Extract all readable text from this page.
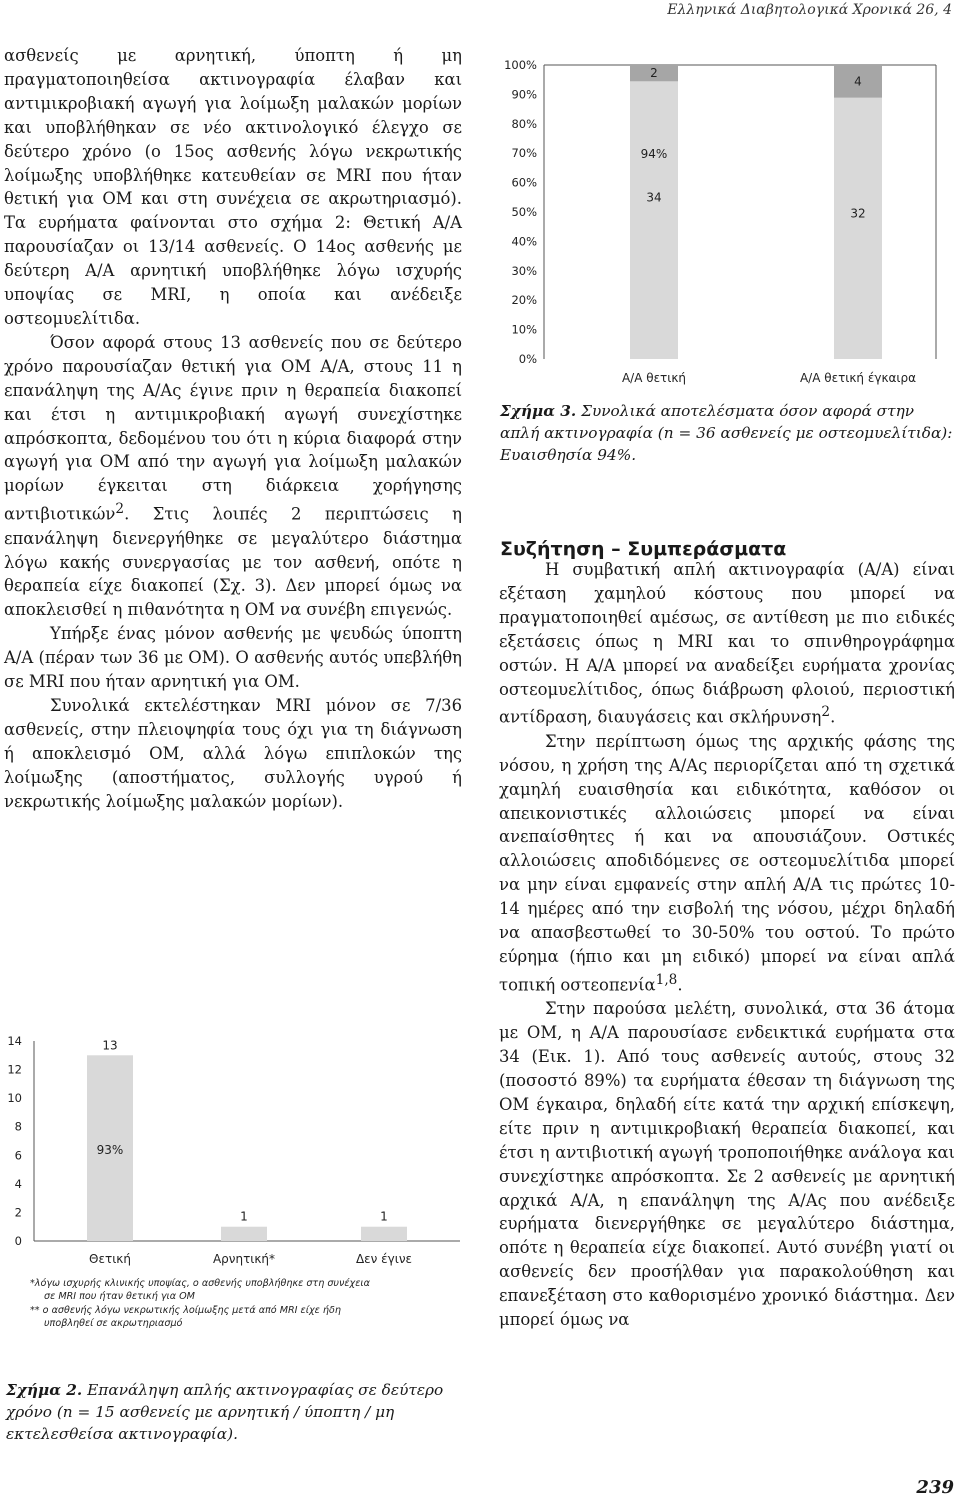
Ελληνικά Διαβητολογικά Χρονικά 26, 4

ασθενείς με αρνητική, ύποπτη ή μη πραγματοποιηθείσα ακτινογραφία έλαβαν και αντιμικροβιακή αγωγή για λοίμωξη μαλακών μορίων και υποβλήθηκαν σε νέο ακτινολογικό έλεγχο σε δεύτερο χρόνο (ο 15ος ασθενής λόγω νεκρωτικής λοίμωξης υποβλήθηκε κατευθείαν σε MRI που ήταν θετική για ΟΜ και στη συνέχεια σε ακρωτηριασμό). Τα ευρήματα φαίνονται στο σχήμα 2: Θετική Α/Α παρουσίαζαν οι 13/14 ασθενείς. Ο 14ος ασθενής με δεύτερη Α/Α αρνητική υποβλήθηκε λόγω ισχυρής υποψίας σε MRI, η οποία και ανέδειξε οστεομυελίτιδα.

Όσον αφορά στους 13 ασθενείς που σε δεύτερο χρόνο παρουσίαζαν θετική για ΟΜ Α/Α, στους 11 η επανάληψη της Α/Ας έγινε πριν η θεραπεία διακοπεί και έτσι η αντιμικροβιακή αγωγή συνεχίστηκε απρόσκοπτα, δεδομένου του ότι η κύρια διαφορά στην αγωγή για ΟΜ από την αγωγή για λοίμωξη μαλακών μορίων έγκειται στη διάρκεια χορήγησης αντιβιοτικών$^2$. Στις λοιπές 2 περιπτώσεις η επανάληψη διενεργήθηκε σε μεγαλύτερο διάστημα λόγω κακής συνεργασίας με τον ασθενή, οπότε η θεραπεία είχε διακοπεί (Σχ. 3). Δεν μπορεί όμως να αποκλεισθεί η πιθανότητα η ΟΜ να συνέβη επιγενώς.

Υπήρξε ένας μόνον ασθενής με ψευδώς ύποπτη Α/Α (πέραν των 36 με ΟΜ). Ο ασθενής αυτός υπεβλήθη σε MRI που ήταν αρνητική για ΟΜ.

Συνολικά εκτελέστηκαν MRI μόνον σε 7/36 ασθενείς, στην πλειοψηφία τους όχι για τη διάγνωση ή αποκλεισμό ΟΜ, αλλά λόγω επιπλοκών της λοίμωξης (αποστήματος, συλλογής υγρού ή νεκρωτικής λοίμωξης μαλακών μορίων).

0%
10%
20%
30%
40%
50%
60%
70%
80%
90%
100%
34
2
Α/Α θετική
32
4
Α/Α θετική έγκαιρα
94%
Σχήμα 3. Συνολικά αποτελέσματα όσον αφορά στην απλή ακτινογραφία (n = 36 ασθενείς με οστεομυελίτιδα): Ευαισθησία 94%.
Συζήτηση – Συμπεράσματα

Η συμβατική απλή ακτινογραφία (Α/Α) είναι εξέταση χαμηλού κόστους που μπορεί να πραγματοποιηθεί αμέσως, σε αντίθεση με πιο ειδικές εξετάσεις όπως η MRI και το σπινθηρογράφημα οστών. Η Α/Α μπορεί να αναδείξει ευρήματα χρονίας οστεομυελίτιδος, όπως διάβρωση φλοιού, περιοστική αντίδραση, διαυγάσεις και σκλήρυνση$^2$.

Στην περίπτωση όμως της αρχικής φάσης της νόσου, η χρήση της Α/Ας περιορίζεται από τη σχετικά χαμηλή ευαισθησία και ειδικότητα, καθόσον οι απεικονιστικές αλλοιώσεις μπορεί να είναι ανεπαίσθητες ή και να απουσιάζουν. Οστικές αλλοιώσεις αποδιδόμενες σε οστεομυελίτιδα μπορεί να μην είναι εμφανείς στην απλή Α/Α τις πρώτες 10-14 ημέρες από την εισβολή της νόσου, μέχρι δηλαδή να απασβεστωθεί το 30-50% του οστού. Το πρώτο εύρημα (ήπιο και μη ειδικό) μπορεί να είναι απλά τοπική οστεοπενία$^{1,8}$.

Στην παρούσα μελέτη, συνολικά, στα 36 άτομα με ΟΜ, η Α/Α παρουσίασε ενδεικτικά ευρήματα στα 34 (Εικ. 1). Από τους ασθενείς αυτούς, στους 32 (ποσοστό 89%) τα ευρήματα έθεσαν τη διάγνωση της ΟΜ έγκαιρα, δηλαδή είτε κατά την αρχική επίσκεψη, είτε πριν η αντιμικροβιακή θεραπεία διακοπεί, και έτσι η αντιβιοτική αγωγή τροποποιήθηκε ανάλογα και συνεχίστηκε απρόσκοπτα. Σε 2 ασθενείς με αρνητική αρχικά Α/Α, η επανάληψη της Α/Ας που ανέδειξε ευρήματα διενεργήθηκε σε μεγαλύτερο διάστημα, οπότε η θεραπεία είχε διακοπεί. Αυτό συνέβη γιατί οι ασθενείς δεν προσήλθαν για παρακολούθηση και επανεξέταση στο καθορισμένο χρονικό διάστημα. Δεν μπορεί όμως να

0
2
4
6
8
10
12
14	13
Θετική
1
Αρνητική*
1
Δεν έγινε
93%

*λόγω ισχυρής κλινικής υποψίας, ο ασθενής υποβλήθηκε στη συνέχεια

σε MRI που ήταν θετική για ΟΜ

** ο ασθενής λόγω νεκρωτικής λοίμωξης μετά από MRI είχε ήδη

υποβληθεί σε ακρωτηριασμό

Σχήμα 2. Επανάληψη απλής ακτινογραφίας σε δεύτερο χρόνο (n = 15 ασθενείς με αρνητική / ύποπτη / μη εκτελεσθείσα ακτινογραφία).
239
